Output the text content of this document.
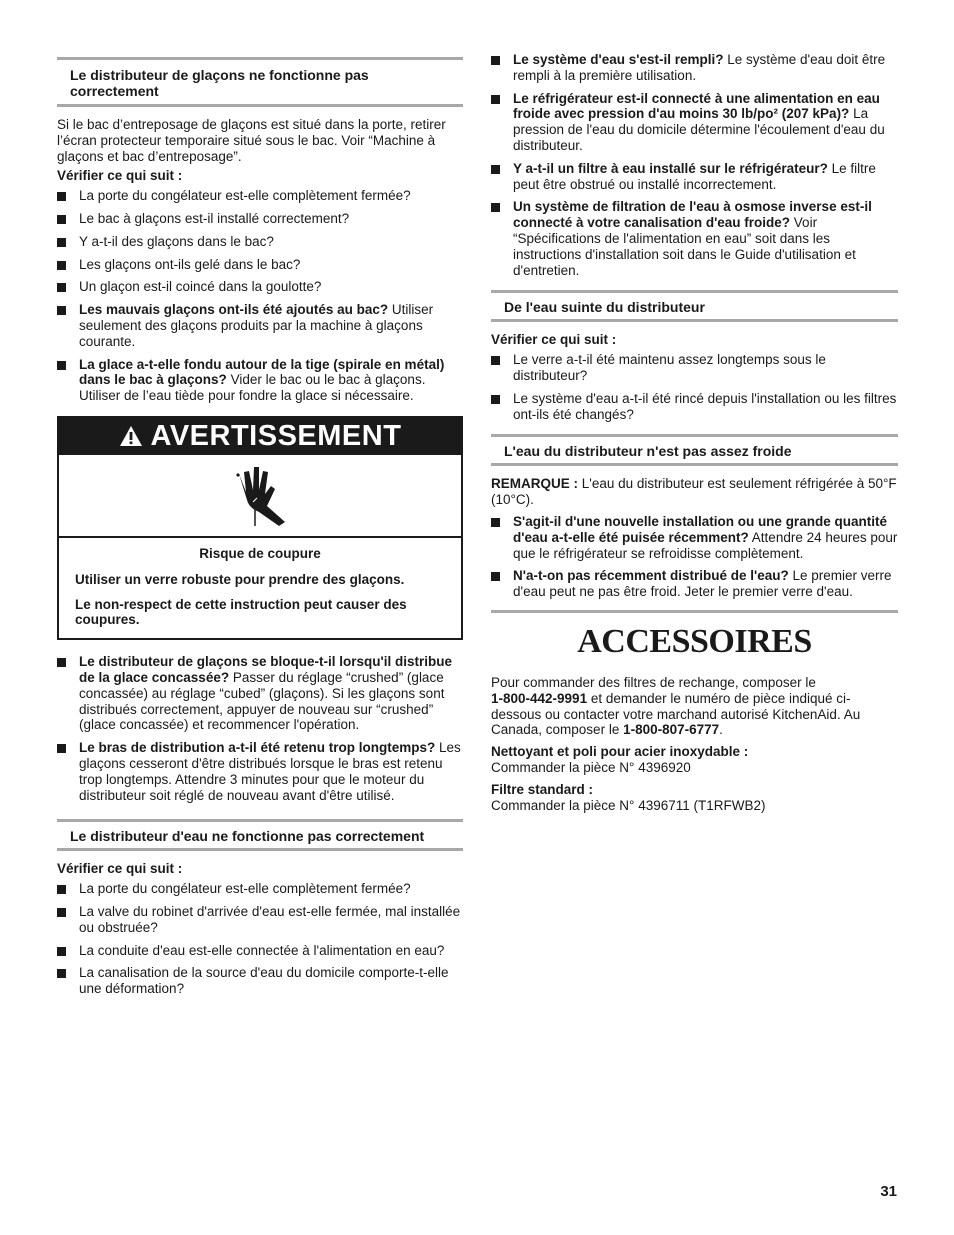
Le distributeur de glaçons ne fonctionne pas correctement

Si le bac d’entreposage de glaçons est situé dans la porte, retirer l’écran protecteur temporaire situé sous le bac. Voir “Machine à glaçons et bac d’entreposage”.

Vérifier ce qui suit :

La porte du congélateur est-elle complètement fermée?
Le bac à glaçons est-il installé correctement?
Y a-t-il des glaçons dans le bac?
Les glaçons ont-ils gelé dans le bac?
Un glaçon est-il coincé dans la goulotte?
Les mauvais glaçons ont-ils été ajoutés au bac? Utiliser seulement des glaçons produits par la machine à glaçons courante.
La glace a-t-elle fondu autour de la tige (spirale en métal) dans le bac à glaçons? Vider le bac ou le bac à glaçons. Utiliser de l’eau tiède pour fondre la glace si nécessaire.
AVERTISSEMENT

Risque de coupure

Utiliser un verre robuste pour prendre des glaçons.

Le non-respect de cette instruction peut causer des coupures.

Le distributeur de glaçons se bloque-t-il lorsqu'il distribue de la glace concassée? Passer du réglage “crushed” (glace concassée) au réglage “cubed” (glaçons). Si les glaçons sont distribués correctement, appuyer de nouveau sur “crushed” (glace concassée) et recommencer l'opération.
Le bras de distribution a-t-il été retenu trop longtemps? Les glaçons cesseront d'être distribués lorsque le bras est retenu trop longtemps. Attendre 3 minutes pour que le moteur du distributeur soit réglé de nouveau avant d'être utilisé.
Le distributeur d'eau ne fonctionne pas correctement

Vérifier ce qui suit :

La porte du congélateur est-elle complètement fermée?
La valve du robinet d'arrivée d'eau est-elle fermée, mal installée ou obstruée?
La conduite d'eau est-elle connectée à l'alimentation en eau?
La canalisation de la source d'eau du domicile comporte-t-elle une déformation?
Le système d'eau s'est-il rempli? Le système d'eau doit être rempli à la première utilisation.
Le réfrigérateur est-il connecté à une alimentation en eau froide avec pression d'au moins 30 lb/po² (207 kPa)? La pression de l'eau du domicile détermine l'écoulement d'eau du distributeur.
Y a-t-il un filtre à eau installé sur le réfrigérateur? Le filtre peut être obstrué ou installé incorrectement.
Un système de filtration de l'eau à osmose inverse est-il connecté à votre canalisation d'eau froide? Voir “Spécifications de l'alimentation en eau” soit dans les instructions d'installation soit dans le Guide d'utilisation et d'entretien.
De l'eau suinte du distributeur

Vérifier ce qui suit :

Le verre a-t-il été maintenu assez longtemps sous le distributeur?
Le système d'eau a-t-il été rincé depuis l'installation ou les filtres ont-ils été changés?
L'eau du distributeur n'est pas assez froide

REMARQUE : L'eau du distributeur est seulement réfrigérée à 50°F (10°C).

S'agit-il d'une nouvelle installation ou une grande quantité d'eau a-t-elle été puisée récemment? Attendre 24 heures pour que le réfrigérateur se refroidisse complètement.
N'a-t-on pas récemment distribué de l'eau? Le premier verre d'eau peut ne pas être froid. Jeter le premier verre d'eau.
ACCESSOIRES

Pour commander des filtres de rechange, composer le
1-800-442-9991 et demander le numéro de pièce indiqué ci-dessous ou contacter votre marchand autorisé KitchenAid. Au Canada, composer le 1-800-807-6777.

Nettoyant et poli pour acier inoxydable :
Commander la pièce N° 4396920

Filtre standard :
Commander la pièce N° 4396711 (T1RFWB2)

31
